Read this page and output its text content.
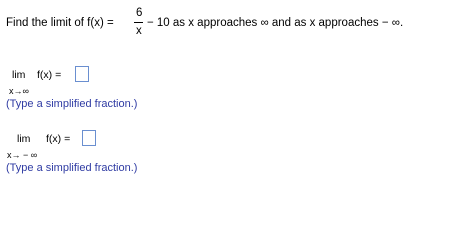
Find the limit of f(x) =
6
x
− 10 as x approaches ∞ and as x approaches − ∞.
lim f(x) =
x→∞
(Type a simplified fraction.)
lim f(x) =
x→ − ∞
(Type a simplified fraction.)
